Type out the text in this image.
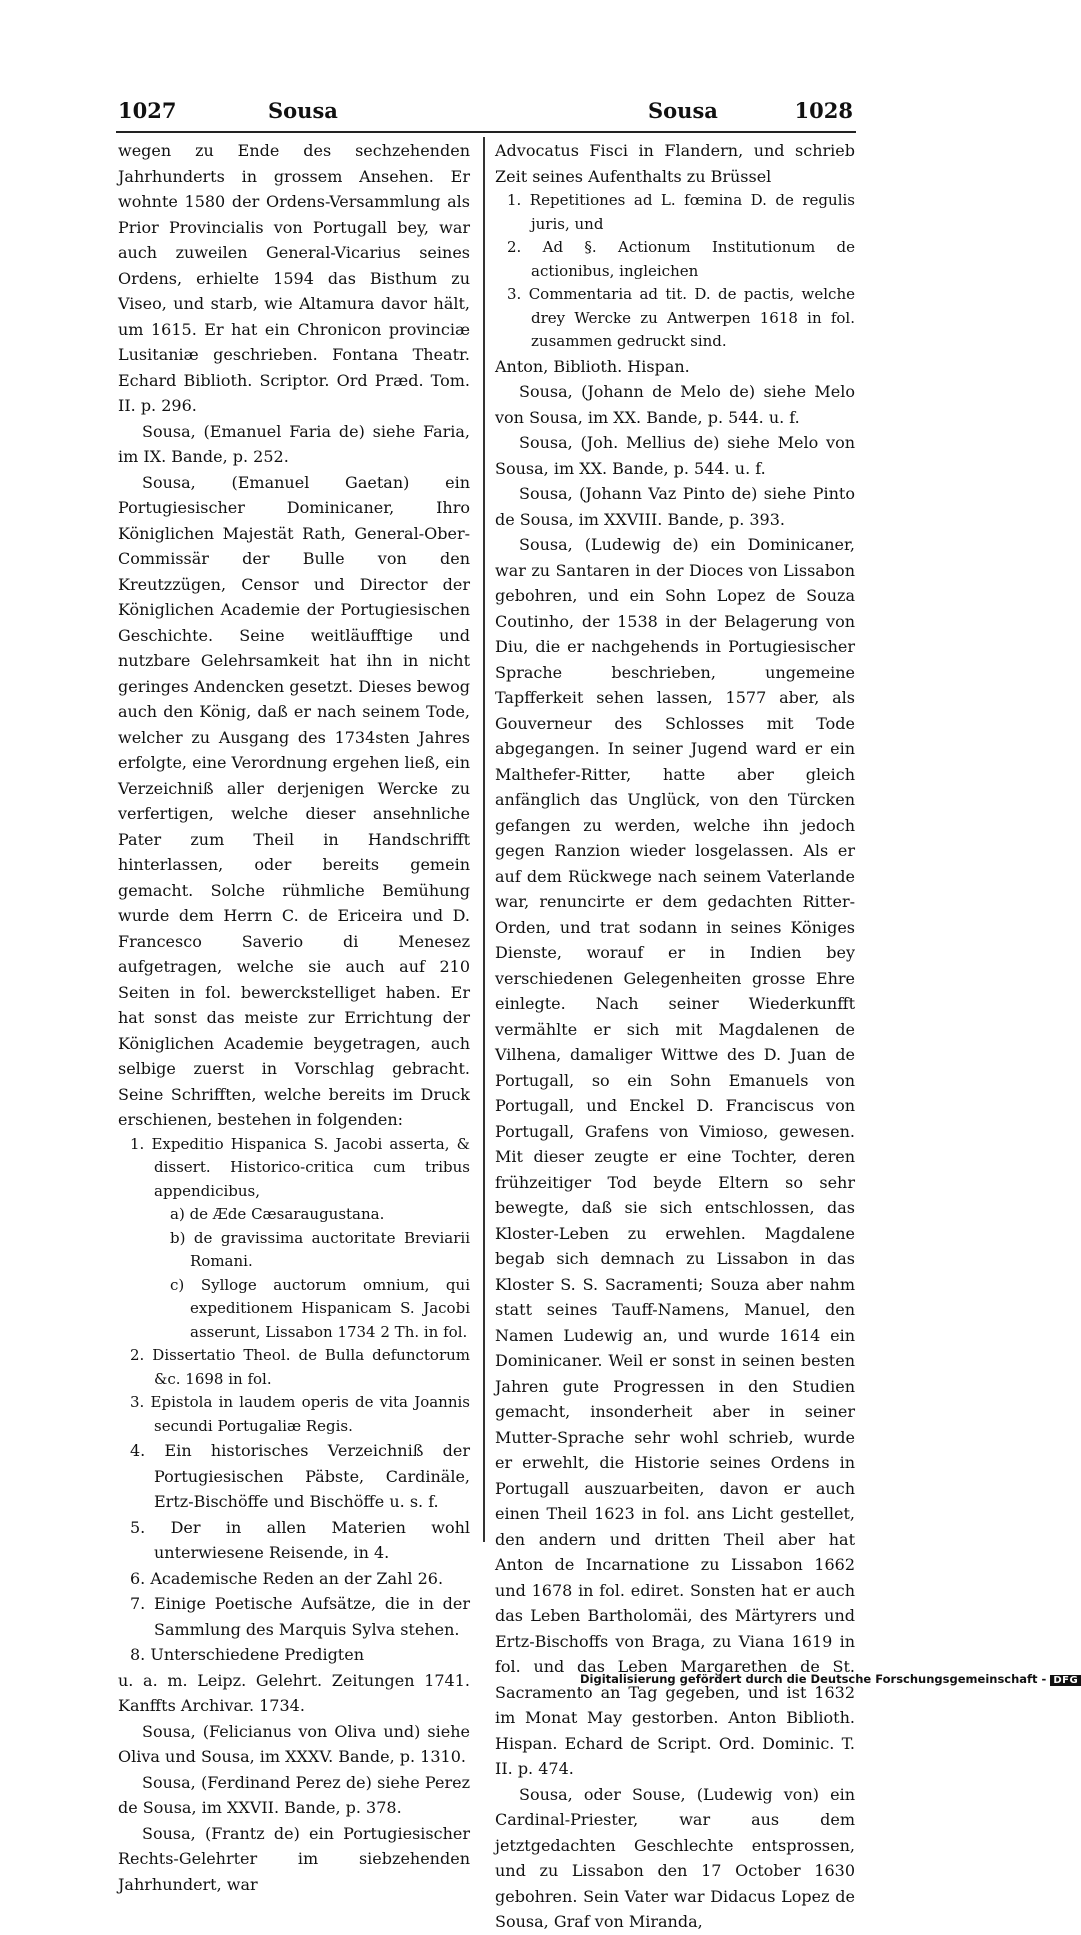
1027	Sousa	Sousa	1028

wegen zu Ende des sechzehenden Jahrhunderts in grossem Ansehen. Er wohnte 1580 der Ordens-Versammlung als Prior Provincialis von Portugall bey, war auch zuweilen General-Vicarius seines Ordens, erhielte 1594 das Bisthum zu Viseo, und starb, wie Altamura davor hält, um 1615. Er hat ein Chronicon provinciæ Lusitaniæ geschrieben. Fontana Theatr. Echard Biblioth. Scriptor. Ord Præd. Tom. II. p. 296.

Sousa, (Emanuel Faria de) siehe Faria, im IX. Bande, p. 252.

Sousa, (Emanuel Gaetan) ein Portugiesischer Dominicaner, Ihro Königlichen Majestät Rath, General-Ober-Commissär der Bulle von den Kreutzzügen, Censor und Director der Königlichen Academie der Portugiesischen Geschichte. Seine weitläufftige und nutzbare Gelehrsamkeit hat ihn in nicht geringes Andencken gesetzt. Dieses bewog auch den König, daß er nach seinem Tode, welcher zu Ausgang des 1734sten Jahres erfolgte, eine Verordnung ergehen ließ, ein Verzeichniß aller derjenigen Wercke zu verfertigen, welche dieser ansehnliche Pater zum Theil in Handschrifft hinterlassen, oder bereits gemein gemacht. Solche rühmliche Bemühung wurde dem Herrn C. de Ericeira und D. Francesco Saverio di Menesez aufgetragen, welche sie auch auf 210 Seiten in fol. bewerckstelliget haben. Er hat sonst das meiste zur Errichtung der Königlichen Academie beygetragen, auch selbige zuerst in Vorschlag gebracht. Seine Schrifften, welche bereits im Druck erschienen, bestehen in folgenden:

1. Expeditio Hispanica S. Jacobi asserta, & dissert. Historico-critica cum tribus appendicibus,

a) de Æde Cæsaraugustana.

b) de gravissima auctoritate Breviarii Romani.

c) Sylloge auctorum omnium, qui expeditionem Hispanicam S. Jacobi asserunt, Lissabon 1734 2 Th. in fol.

2. Dissertatio Theol. de Bulla defunctorum &c. 1698 in fol.

3. Epistola in laudem operis de vita Joannis secundi Portugaliæ Regis.

4. Ein historisches Verzeichniß der Portugiesischen Päbste, Cardinäle, Ertz-Bischöffe und Bischöffe u. s. f.

5. Der in allen Materien wohl unterwiesene Reisende, in 4.

6. Academische Reden an der Zahl 26.

7. Einige Poetische Aufsätze, die in der Sammlung des Marquis Sylva stehen.

8. Unterschiedene Predigten

u. a. m. Leipz. Gelehrt. Zeitungen 1741. Kanffts Archivar. 1734.

Sousa, (Felicianus von Oliva und) siehe Oliva und Sousa, im XXXV. Bande, p. 1310.

Sousa, (Ferdinand Perez de) siehe Perez de Sousa, im XXVII. Bande, p. 378.

Sousa, (Frantz de) ein Portugiesischer Rechts-Gelehrter im siebzehenden Jahrhundert, war

Advocatus Fisci in Flandern, und schrieb Zeit seines Aufenthalts zu Brüssel

1. Repetitiones ad L. fœmina D. de regulis juris, und

2. Ad §. Actionum Institutionum de actionibus, ingleichen

3. Commentaria ad tit. D. de pactis, welche drey Wercke zu Antwerpen 1618 in fol. zusammen gedruckt sind.

Anton, Biblioth. Hispan.

Sousa, (Johann de Melo de) siehe Melo von Sousa, im XX. Bande, p. 544. u. f.

Sousa, (Joh. Mellius de) siehe Melo von Sousa, im XX. Bande, p. 544. u. f.

Sousa, (Johann Vaz Pinto de) siehe Pinto de Sousa, im XXVIII. Bande, p. 393.

Sousa, (Ludewig de) ein Dominicaner, war zu Santaren in der Dioces von Lissabon gebohren, und ein Sohn Lopez de Souza Coutinho, der 1538 in der Belagerung von Diu, die er nachgehends in Portugiesischer Sprache beschrieben, ungemeine Tapfferkeit sehen lassen, 1577 aber, als Gouverneur des Schlosses mit Tode abgegangen. In seiner Jugend ward er ein Malthefer-Ritter, hatte aber gleich anfänglich das Unglück, von den Türcken gefangen zu werden, welche ihn jedoch gegen Ranzion wieder losgelassen. Als er auf dem Rückwege nach seinem Vaterlande war, renuncirte er dem gedachten Ritter-Orden, und trat sodann in seines Königes Dienste, worauf er in Indien bey verschiedenen Gelegenheiten grosse Ehre einlegte. Nach seiner Wiederkunfft vermählte er sich mit Magdalenen de Vilhena, damaliger Wittwe des D. Juan de Portugall, so ein Sohn Emanuels von Portugall, und Enckel D. Franciscus von Portugall, Grafens von Vimioso, gewesen. Mit dieser zeugte er eine Tochter, deren frühzeitiger Tod beyde Eltern so sehr bewegte, daß sie sich entschlossen, das Kloster-Leben zu erwehlen. Magdalene begab sich demnach zu Lissabon in das Kloster S. S. Sacramenti; Souza aber nahm statt seines Tauff-Namens, Manuel, den Namen Ludewig an, und wurde 1614 ein Dominicaner. Weil er sonst in seinen besten Jahren gute Progressen in den Studien gemacht, insonderheit aber in seiner Mutter-Sprache sehr wohl schrieb, wurde er erwehlt, die Historie seines Ordens in Portugall auszuarbeiten, davon er auch einen Theil 1623 in fol. ans Licht gestellet, den andern und dritten Theil aber hat Anton de Incarnatione zu Lissabon 1662 und 1678 in fol. ediret. Sonsten hat er auch das Leben Bartholomäi, des Märtyrers und Ertz-Bischoffs von Braga, zu Viana 1619 in fol. und das Leben Margarethen de St. Sacramento an Tag gegeben, und ist 1632 im Monat May gestorben. Anton Biblioth. Hispan. Echard de Script. Ord. Dominic. T. II. p. 474.

Sousa, oder Souse, (Ludewig von) ein Cardinal-Priester, war aus dem jetztgedachten Geschlechte entsprossen, und zu Lissabon den 17 October 1630 gebohren. Sein Vater war Didacus Lopez de Sousa, Graf von Miranda,

Digitalisierung gefördert durch die Deutsche Forschungsgemeinschaft - DFG
